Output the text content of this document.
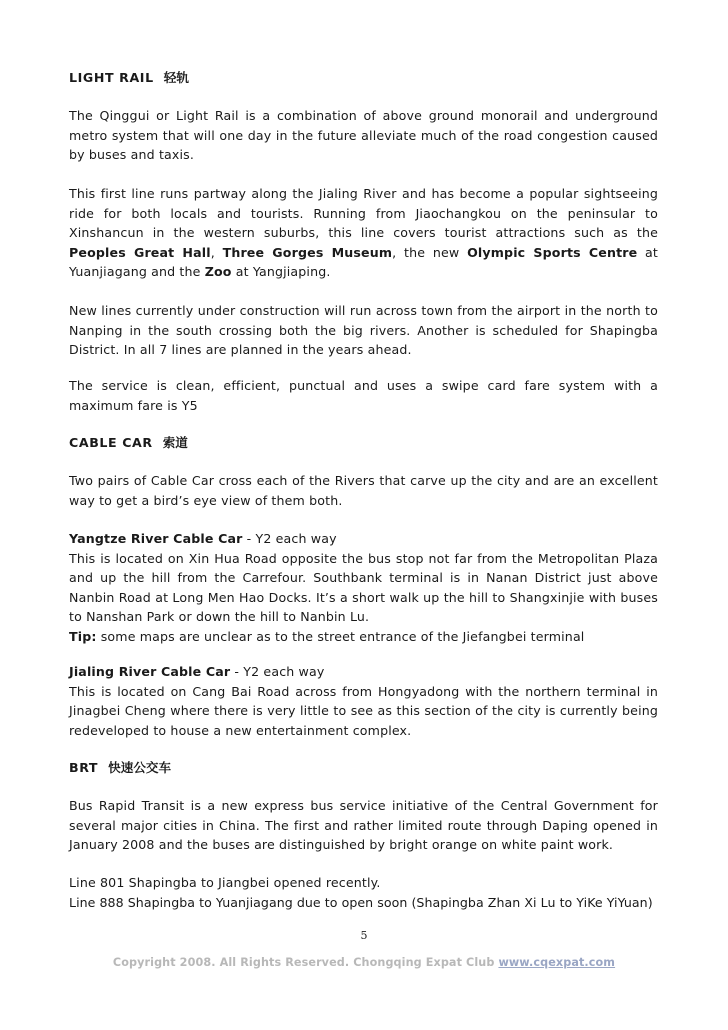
LIGHT RAIL 轻轨

The Qinggui or Light Rail is a combination of above ground monorail and underground metro system that will one day in the future alleviate much of the road congestion caused by buses and taxis.

This first line runs partway along the Jialing River and has become a popular sightseeing ride for both locals and tourists. Running from Jiaochangkou on the peninsular to Xinshancun in the western suburbs, this line covers tourist attractions such as the Peoples Great Hall, Three Gorges Museum, the new Olympic Sports Centre at Yuanjiagang and the Zoo at Yangjiaping.

New lines currently under construction will run across town from the airport in the north to Nanping in the south crossing both the big rivers. Another is scheduled for Shapingba District. In all 7 lines are planned in the years ahead.

The service is clean, efficient, punctual and uses a swipe card fare system with a maximum fare is Y5

CABLE CAR 索道

Two pairs of Cable Car cross each of the Rivers that carve up the city and are an excellent way to get a bird’s eye view of them both.

Yangtze River Cable Car - Y2 each way

This is located on Xin Hua Road opposite the bus stop not far from the Metropolitan Plaza and up the hill from the Carrefour. Southbank terminal is in Nanan District just above Nanbin Road at Long Men Hao Docks. It’s a short walk up the hill to Shangxinjie with buses to Nanshan Park or down the hill to Nanbin Lu.

Tip: some maps are unclear as to the street entrance of the Jiefangbei terminal

Jialing River Cable Car - Y2 each way

This is located on Cang Bai Road across from Hongyadong with the northern terminal in Jinagbei Cheng where there is very little to see as this section of the city is currently being redeveloped to house a new entertainment complex.

BRT 快速公交车

Bus Rapid Transit is a new express bus service initiative of the Central Government for several major cities in China. The first and rather limited route through Daping opened in January 2008 and the buses are distinguished by bright orange on white paint work.

Line 801 Shapingba to Jiangbei opened recently.

Line 888 Shapingba to Yuanjiagang due to open soon (Shapingba Zhan Xi Lu to YiKe YiYuan)

5
Copyright 2008. All Rights Reserved. Chongqing Expat Club www.cqexpat.com
